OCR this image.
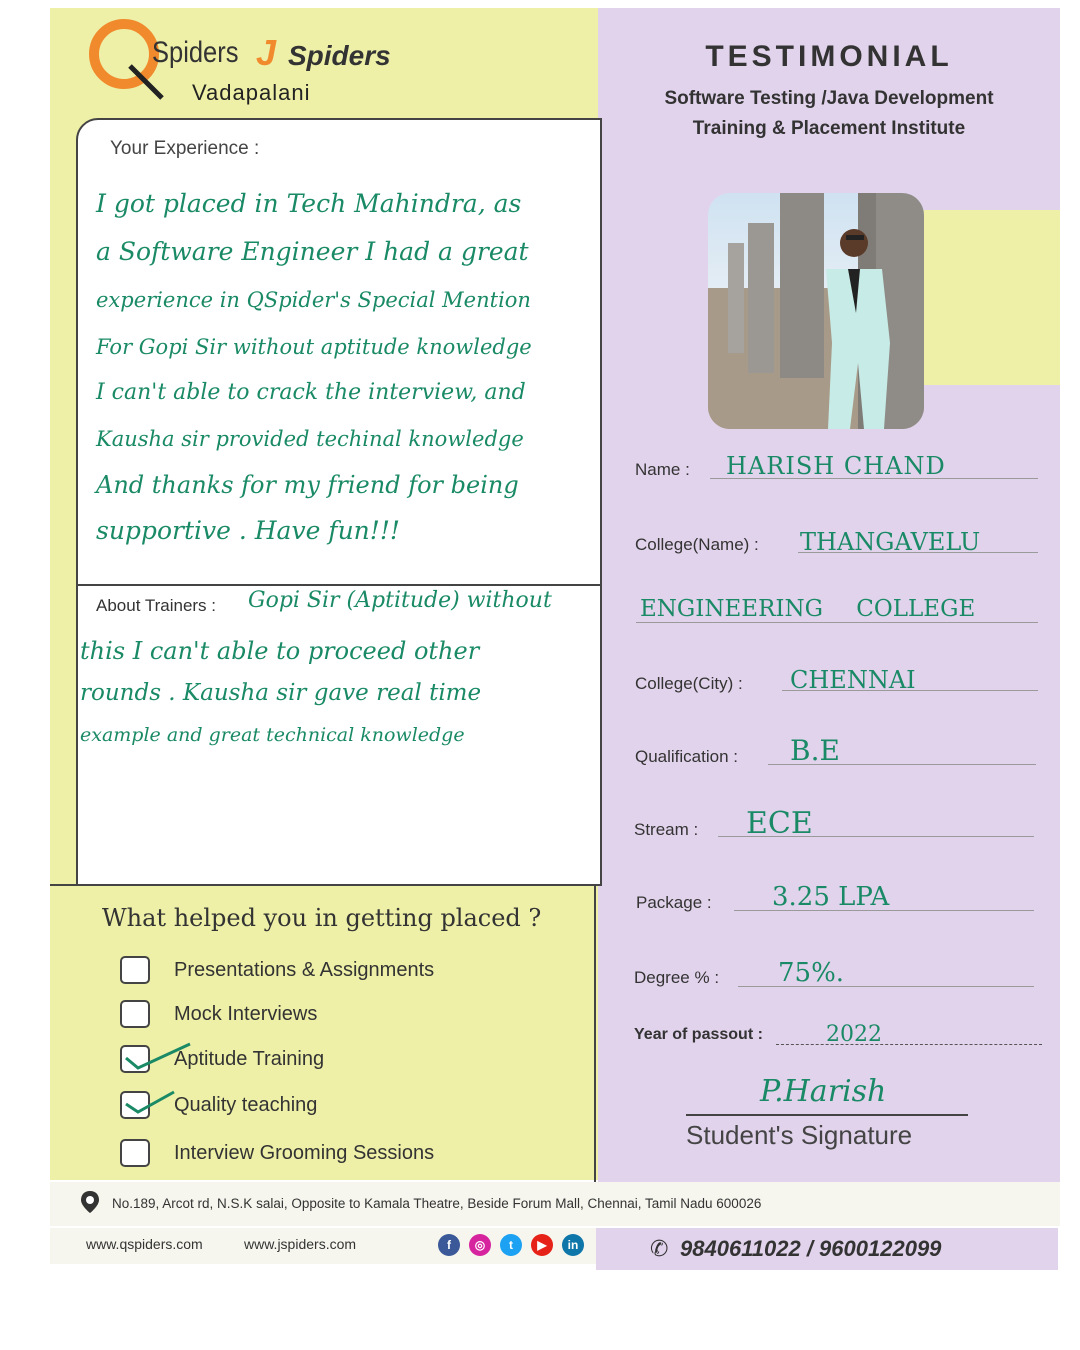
Spiders J Spiders
Vadapalani
TESTIMONIAL
Software Testing /Java Development
Training & Placement Institute
Your Experience :
I got placed in Tech Mahindra, as
a Software Engineer I had a great
experience in QSpider's Special Mention
For Gopi Sir without aptitude knowledge
I can't able to crack the interview, and
Kausha sir provided techinal knowledge
And thanks for my friend for being
supportive . Have fun!!!
About Trainers : Gopi Sir (Aptitude) without
this I can't able to proceed other
rounds . Kausha sir gave real time
example and great technical knowledge
What helped you in getting placed ?
Presentations & Assignments
Mock Interviews
Aptitude Training
Quality teaching
Interview Grooming Sessions
Name : HARISH CHAND
College(Name) : THANGAVELU
ENGINEERING COLLEGE
College(City) : CHENNAI
Qualification : B.E
Stream : ECE
Package : 3.25 LPA
Degree % : 75%.
Year of passout :	2022
P.Harish
Student's Signature
No.189, Arcot rd, N.S.K salai, Opposite to Kamala Theatre, Beside Forum Mall, Chennai, Tamil Nadu 600026
www.qspiders.com	www.jspiders.com	f	◎	t	▶	in	✆ 9840611022 / 9600122099
